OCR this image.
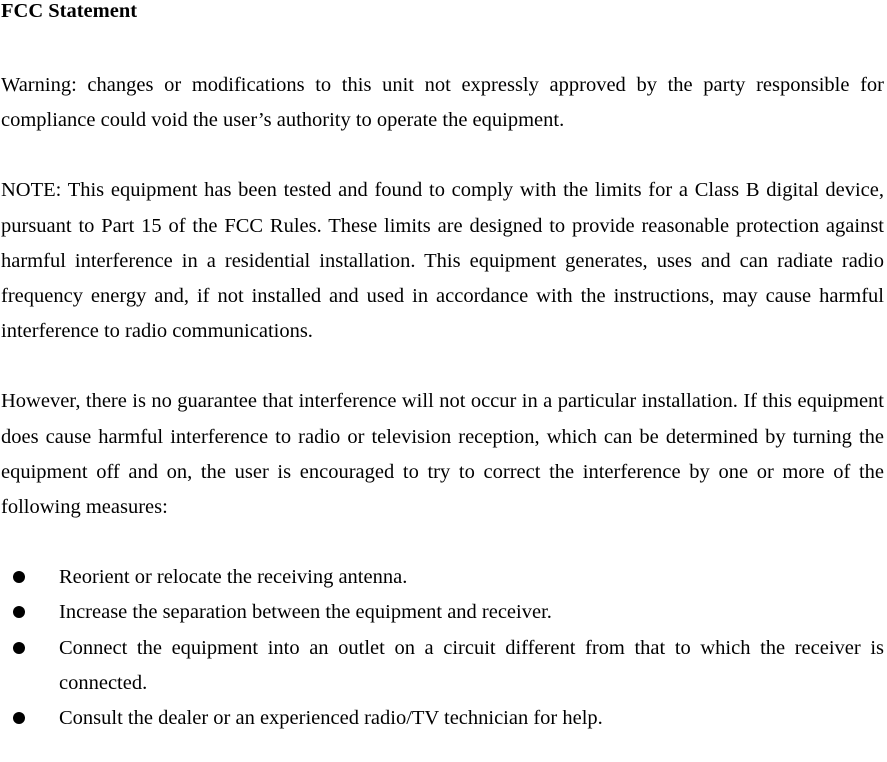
FCC Statement

Warning: changes or modifications to this unit not expressly approved by the party responsible for compliance could void the user’s authority to operate the equipment.

NOTE: This equipment has been tested and found to comply with the limits for a Class B digital device, pursuant to Part 15 of the FCC Rules. These limits are designed to provide reasonable protection against harmful interference in a residential installation. This equipment generates, uses and can radiate radio frequency energy and, if not installed and used in accordance with the instructions, may cause harmful interference to radio communications.

However, there is no guarantee that interference will not occur in a particular installation. If this equipment does cause harmful interference to radio or television reception, which can be determined by turning the equipment off and on, the user is encouraged to try to correct the interference by one or more of the following measures:

Reorient or relocate the receiving antenna.
Increase the separation between the equipment and receiver.
Connect the equipment into an outlet on a circuit different from that to which the receiver is connected.
Consult the dealer or an experienced radio/TV technician for help.
